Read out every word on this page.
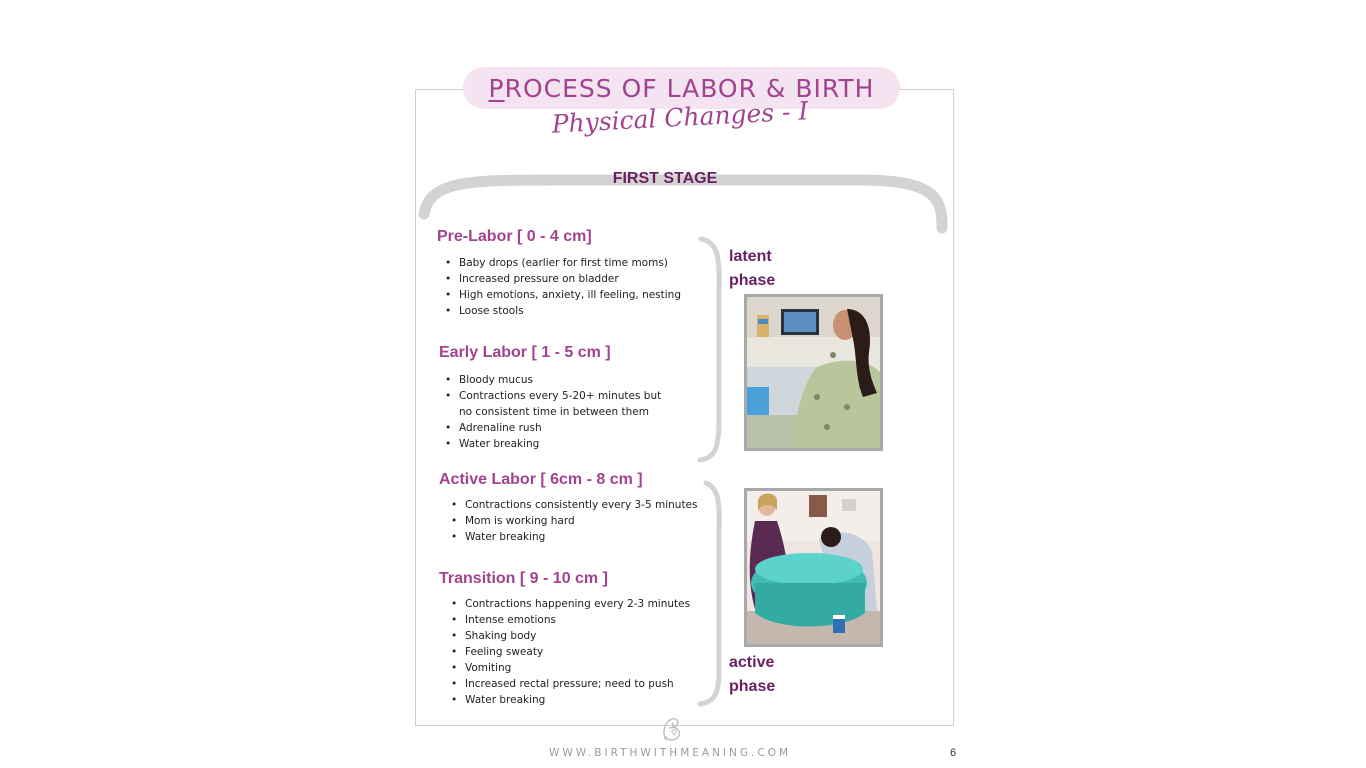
PROCESS OF LABOR & BIRTH
Physical Changes - I
FIRST STAGE
Pre-Labor [ 0 - 4 cm]
• Baby drops (earlier for first time moms)
• Increased pressure on bladder
• High emotions, anxiety, ill feeling, nesting
• Loose stools
Early Labor [ 1 - 5 cm ]
• Bloody mucus
• Contractions every 5-20+ minutes but no consistent time in between them
• Adrenaline rush
• Water breaking
Active Labor [ 6cm - 8 cm ]
• Contractions consistently every 3-5 minutes
• Mom is working hard
• Water breaking
Transition [ 9 - 10 cm ]
• Contractions happening every 2-3 minutes
• Intense emotions
• Shaking body
• Feeling sweaty
• Vomiting
• Increased rectal pressure; need to push
• Water breaking
latent
phase
active
phase
WWW.BIRTHWITHMEANING.COM	6
